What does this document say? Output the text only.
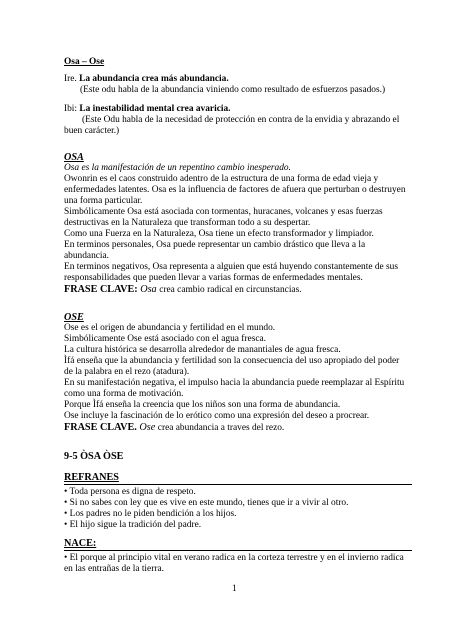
Osa – Ose
Ire. La abundancia crea más abundancia.
(Este odu habla de la abundancia viniendo como resultado de esfuerzos pasados.)
Ibi: La inestabilidad mental crea avaricia.
(Este Odu habla de la necesidad de protección en contra de la envidia y abrazando el
buen carácter.)
OSA
Osa es la manifestación de un repentino cambio inesperado.
Owonrin es el caos construido adentro de la estructura de una forma de edad vieja y
enfermedades latentes. Osa es la influencia de factores de afuera que perturban o destruyen
una forma particular.
Simbólicamente Osa está asociada con tormentas, huracanes, volcanes y esas fuerzas
destructivas en la Naturaleza que transforman todo a su despertar.
Como una Fuerza en la Naturaleza, Osa tiene un efecto transformador y limpiador.
En terminos personales, Osa puede representar un cambio drástico que lleva a la
abundancia.
En terminos negativos, Osa representa a alguien que está huyendo constantemente de sus
responsabilidades que pueden llevar a varias formas de enfermedades mentales.
FRASE CLAVE: Osa crea cambio radical en circunstancias.
OSE
Ose es el origen de abundancia y fertilidad en el mundo.
Simbólicamente Ose está asociado con el agua fresca.
La cultura histórica se desarrolla alrededor de manantiales de agua fresca.
Ìfá enseña que la abundancia y fertilidad son la consecuencia del uso apropiado del poder
de la palabra en el rezo (atadura).
En su manifestación negativa, el impulso hacia la abundancia puede reemplazar al Espíritu
como una forma de motivación.
Porque Ìfá enseña la creencia que los niños son una forma de abundancia.
Ose incluye la fascinación de lo erótico como una expresión del deseo a procrear.
FRASE CLAVE. Ose crea abundancia a traves del rezo.
9-5 ÒSA ÒSE
REFRANES
• Toda persona es digna de respeto.
• Si no sabes con ley que es vive en este mundo, tienes que ir a vivir al otro.
• Los padres no le piden bendición a los hijos.
• El hijo sigue la tradición del padre.
NACE:
• El porque al principio vital en verano radica en la corteza terrestre y en el invierno radica
en las entrañas de la tierra.
1
